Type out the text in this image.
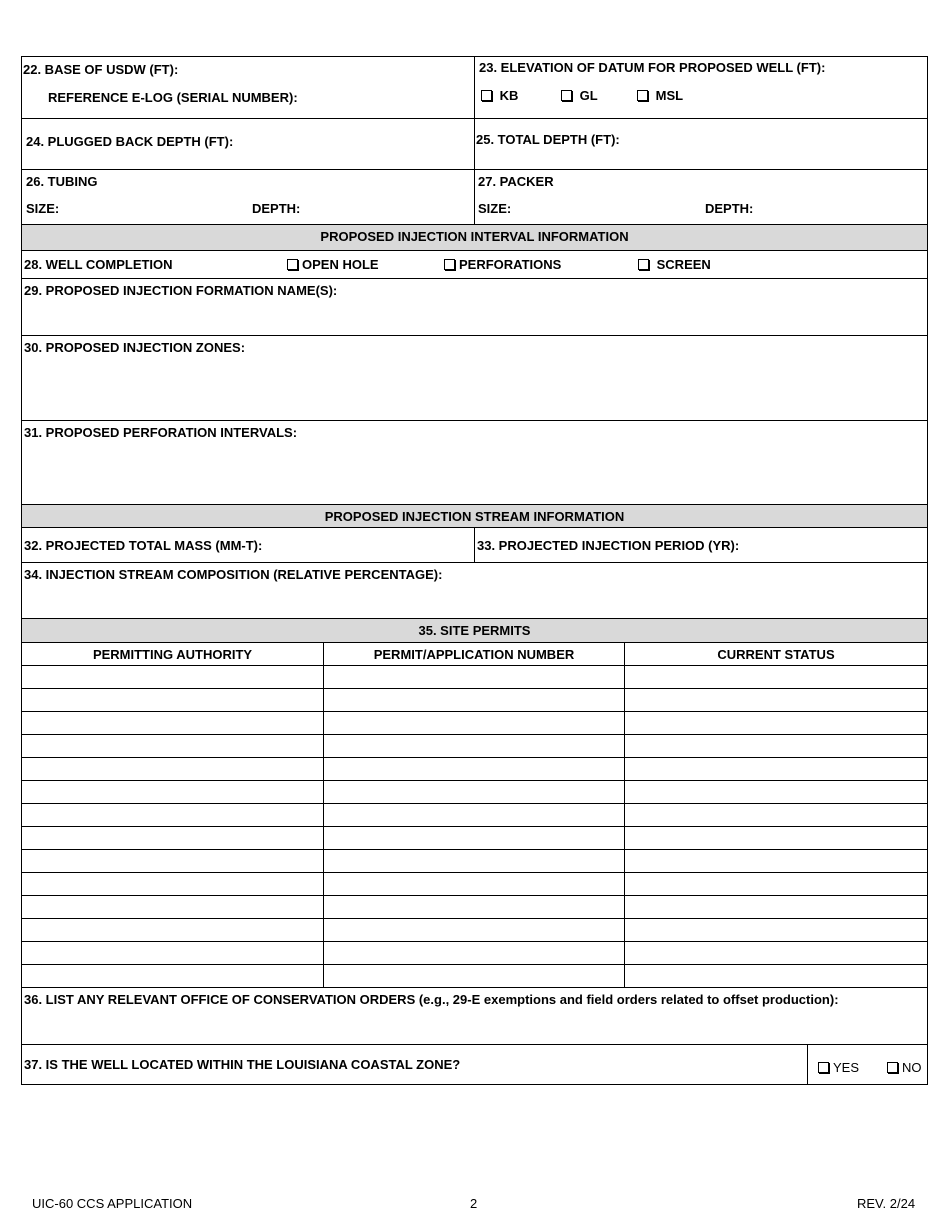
22. BASE OF USDW (FT):
REFERENCE E-LOG (SERIAL NUMBER):
23. ELEVATION OF DATUM FOR PROPOSED WELL (FT):
KB	GL	MSL
24. PLUGGED BACK DEPTH (FT):	25. TOTAL DEPTH (FT):
26. TUBING
SIZE:	DEPTH:
27. PACKER
SIZE:	DEPTH:
PROPOSED INJECTION INTERVAL INFORMATION
28. WELL COMPLETION	OPEN HOLE	PERFORATIONS	SCREEN
29. PROPOSED INJECTION FORMATION NAME(S):
30. PROPOSED INJECTION ZONES:
31. PROPOSED PERFORATION INTERVALS:
PROPOSED INJECTION STREAM INFORMATION
32. PROJECTED TOTAL MASS (MM-T):	33. PROJECTED INJECTION PERIOD (YR):
34. INJECTION STREAM COMPOSITION (RELATIVE PERCENTAGE):
35. SITE PERMITS
PERMITTING AUTHORITY	PERMIT/APPLICATION NUMBER	CURRENT STATUS
36. LIST ANY RELEVANT OFFICE OF CONSERVATION ORDERS (e.g., 29-E exemptions and field orders related to offset production):
37. IS THE WELL LOCATED WITHIN THE LOUISIANA COASTAL ZONE?	YES	NO
UIC-60 CCS APPLICATION	2	REV. 2/24
